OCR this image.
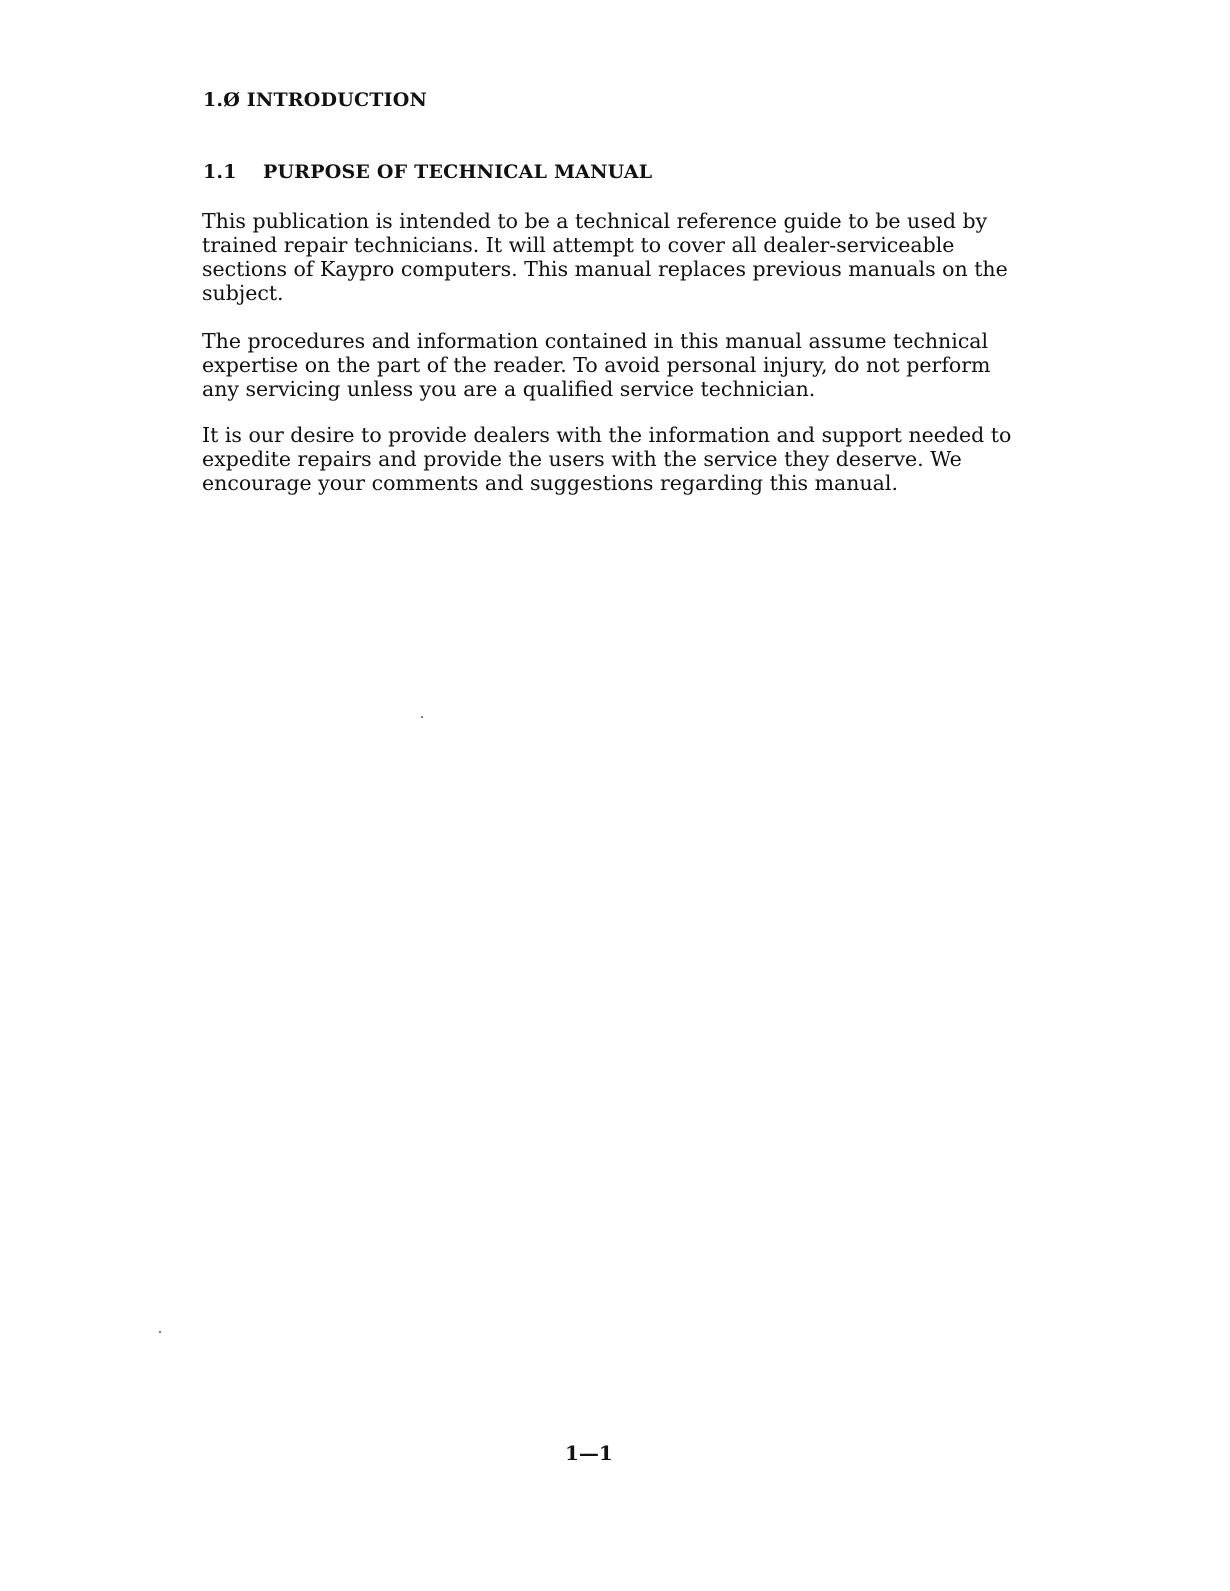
1.Ø INTRODUCTION
1.1 PURPOSE OF TECHNICAL MANUAL

This publication is intended to be a technical reference guide to be used by
trained repair technicians. It will attempt to cover all dealer-serviceable
sections of Kaypro computers. This manual replaces previous manuals on the
subject.

The procedures and information contained in this manual assume technical
expertise on the part of the reader. To avoid personal injury, do not perform
any servicing unless you are a qualified service technician.

It is our desire to provide dealers with the information and support needed to
expedite repairs and provide the users with the service they deserve. We
encourage your comments and suggestions regarding this manual.

1—1
